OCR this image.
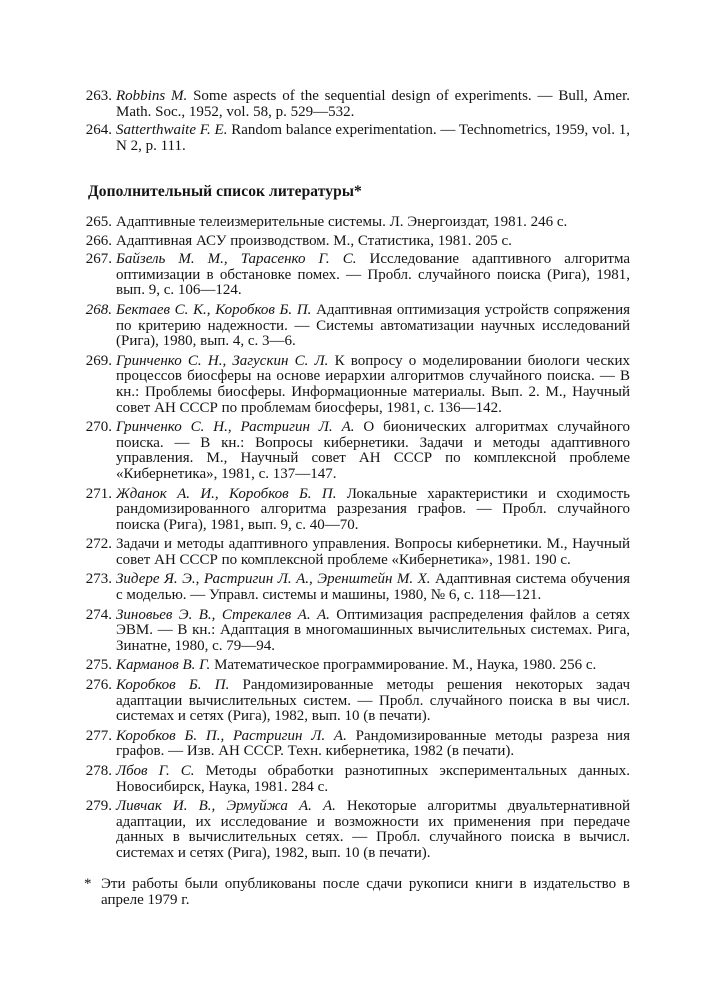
263. Robbins M. Some aspects of the sequential design of experiments. — Bull, Amer. Math. Soc., 1952, vol. 58, p. 529—532.
264. Satterthwaite F. E. Random balance experimentation. — Technometrics, 1959, vol. 1, N 2, p. 111.
Дополнительный список литературы*
265. Адаптивные телеизмерительные системы. Л. Энергоиздат, 1981. 246 с.
266. Адаптивная АСУ производством. М., Статистика, 1981. 205 с.
267. Байзель М. М., Тарасенко Г. С. Исследование адаптивного алгоритма оптимизации в обстановке помех. — Пробл. случайного поиска (Рига), 1981, вып. 9, с. 106—124.
268. Бектаев С. К., Коробков Б. П. Адаптивная оптимизация устройств сопряжения по критерию надежности. — Системы автоматизации научных исследований (Рига), 1980, вып. 4, с. 3—6.
269. Гринченко С. Н., Загускин С. Л. К вопросу о моделировании биологи ческих процессов биосферы на основе иерархии алгоритмов случайного поиска. — В кн.: Проблемы биосферы. Информационные материалы. Вып. 2. М., Научный совет АН СССР по проблемам биосферы, 1981, с. 136—142.
270. Гринченко С. Н., Растригин Л. А. О бионических алгоритмах случайного поиска. — В кн.: Вопросы кибернетики. Задачи и методы адаптивного управления. М., Научный совет АН СССР по комплексной проблеме «Кибернетика», 1981, с. 137—147.
271. Жданок А. И., Коробков Б. П. Локальные характеристики и сходимость рандомизированного алгоритма разрезания графов. — Пробл. случайного поиска (Рига), 1981, вып. 9, с. 40—70.
272. Задачи и методы адаптивного управления. Вопросы кибернетики. М., Научный совет АН СССР по комплексной проблеме «Кибернетика», 1981. 190 с.
273. Зидере Я. Э., Растригин Л. А., Эренштейн М. Х. Адаптивная система обучения с моделью. — Управл. системы и машины, 1980, № 6, с. 118—121.
274. Зиновьев Э. В., Стрекалев А. А. Оптимизация распределения файлов а сетях ЭВМ. — В кн.: Адаптация в многомашинных вычислительных системах. Рига, Зинатне, 1980, с. 79—94.
275. Карманов В. Г. Математическое программирование. М., Наука, 1980. 256 с.
276. Коробков Б. П. Рандомизированные методы решения некоторых задач адаптации вычислительных систем. — Пробл. случайного поиска в вы числ. системах и сетях (Рига), 1982, вып. 10 (в печати).
277. Коробков Б. П., Растригин Л. А. Рандомизированные методы разреза ния графов. — Изв. АН СССР. Техн. кибернетика, 1982 (в печати).
278. Лбов Г. С. Методы обработки разнотипных экспериментальных данных. Новосибирск, Наука, 1981. 284 с.
279. Ливчак И. В., Эрмуйжа А. А. Некоторые алгоритмы двуальтернативной адаптации, их исследование и возможности их применения при передаче данных в вычислительных сетях. — Пробл. случайного поиска в вычисл. системах и сетях (Рига), 1982, вып. 10 (в печати).
* Эти работы были опубликованы после сдачи рукописи книги в издательство в апреле 1979 г.
